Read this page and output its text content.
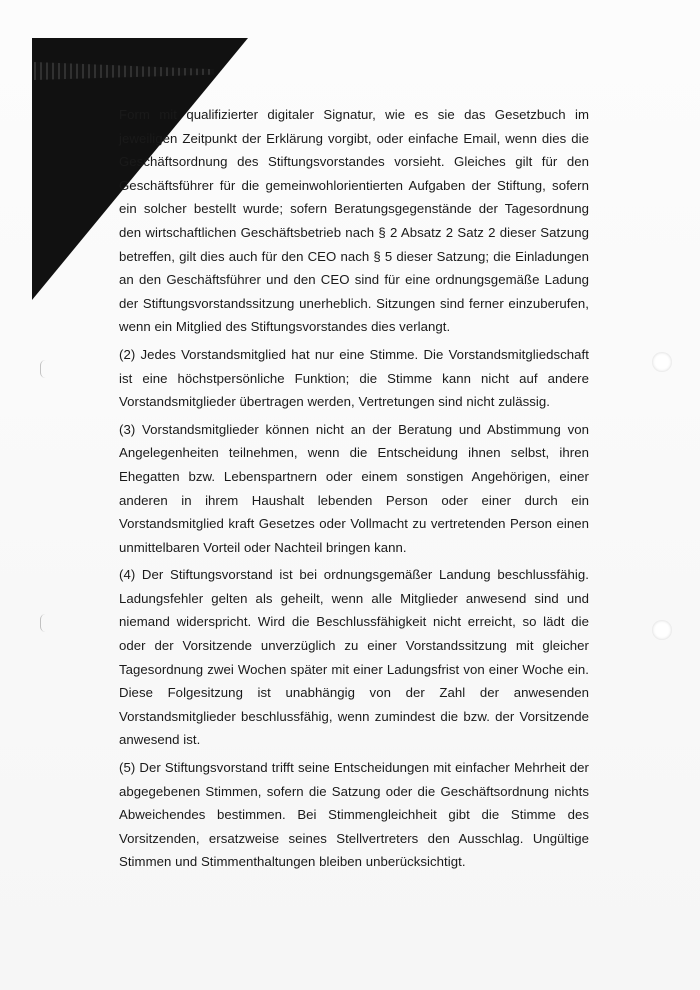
Form mit qualifizierter digitaler Signatur, wie es sie das Gesetzbuch im jeweiligen Zeitpunkt der Erklärung vorgibt, oder einfache Email, wenn dies die Geschäftsordnung des Stiftungsvorstandes vorsieht. Gleiches gilt für den Geschäftsführer für die gemeinwohlorientierten Aufgaben der Stiftung, sofern ein solcher bestellt wurde; sofern Beratungsgegenstände der Tagesordnung den wirtschaftlichen Geschäftsbetrieb nach § 2 Absatz 2 Satz 2 dieser Satzung betreffen, gilt dies auch für den CEO nach § 5 dieser Satzung; die Einladungen an den Geschäftsführer und den CEO sind für eine ordnungsgemäße Ladung der Stiftungsvorstandssitzung unerheblich. Sitzungen sind ferner einzuberufen, wenn ein Mitglied des Stiftungsvorstandes dies verlangt.

(2) Jedes Vorstandsmitglied hat nur eine Stimme. Die Vorstandsmitgliedschaft ist eine höchstpersönliche Funktion; die Stimme kann nicht auf andere Vorstandsmitglieder übertragen werden, Vertretungen sind nicht zulässig.

(3) Vorstandsmitglieder können nicht an der Beratung und Abstimmung von Angelegenheiten teilnehmen, wenn die Entscheidung ihnen selbst, ihren Ehegatten bzw. Lebenspartnern oder einem sonstigen Angehörigen, einer anderen in ihrem Haushalt lebenden Person oder einer durch ein Vorstandsmitglied kraft Gesetzes oder Vollmacht zu vertretenden Person einen unmittelbaren Vorteil oder Nachteil bringen kann.

(4) Der Stiftungsvorstand ist bei ordnungsgemäßer Landung beschlussfähig. Ladungsfehler gelten als geheilt, wenn alle Mitglieder anwesend sind und niemand widerspricht. Wird die Beschlussfähigkeit nicht erreicht, so lädt die oder der Vorsitzende unverzüglich zu einer Vorstandssitzung mit gleicher Tagesordnung zwei Wochen später mit einer Ladungsfrist von einer Woche ein. Diese Folgesitzung ist unabhängig von der Zahl der anwesenden Vorstandsmitglieder beschlussfähig, wenn zumindest die bzw. der Vorsitzende anwesend ist.

(5) Der Stiftungsvorstand trifft seine Entscheidungen mit einfacher Mehrheit der abgegebenen Stimmen, sofern die Satzung oder die Geschäftsordnung nichts Abweichendes bestimmen. Bei Stimmengleichheit gibt die Stimme des Vorsitzenden, ersatzweise seines Stellvertreters den Ausschlag. Ungültige Stimmen und Stimmenthaltungen bleiben unberücksichtigt.
